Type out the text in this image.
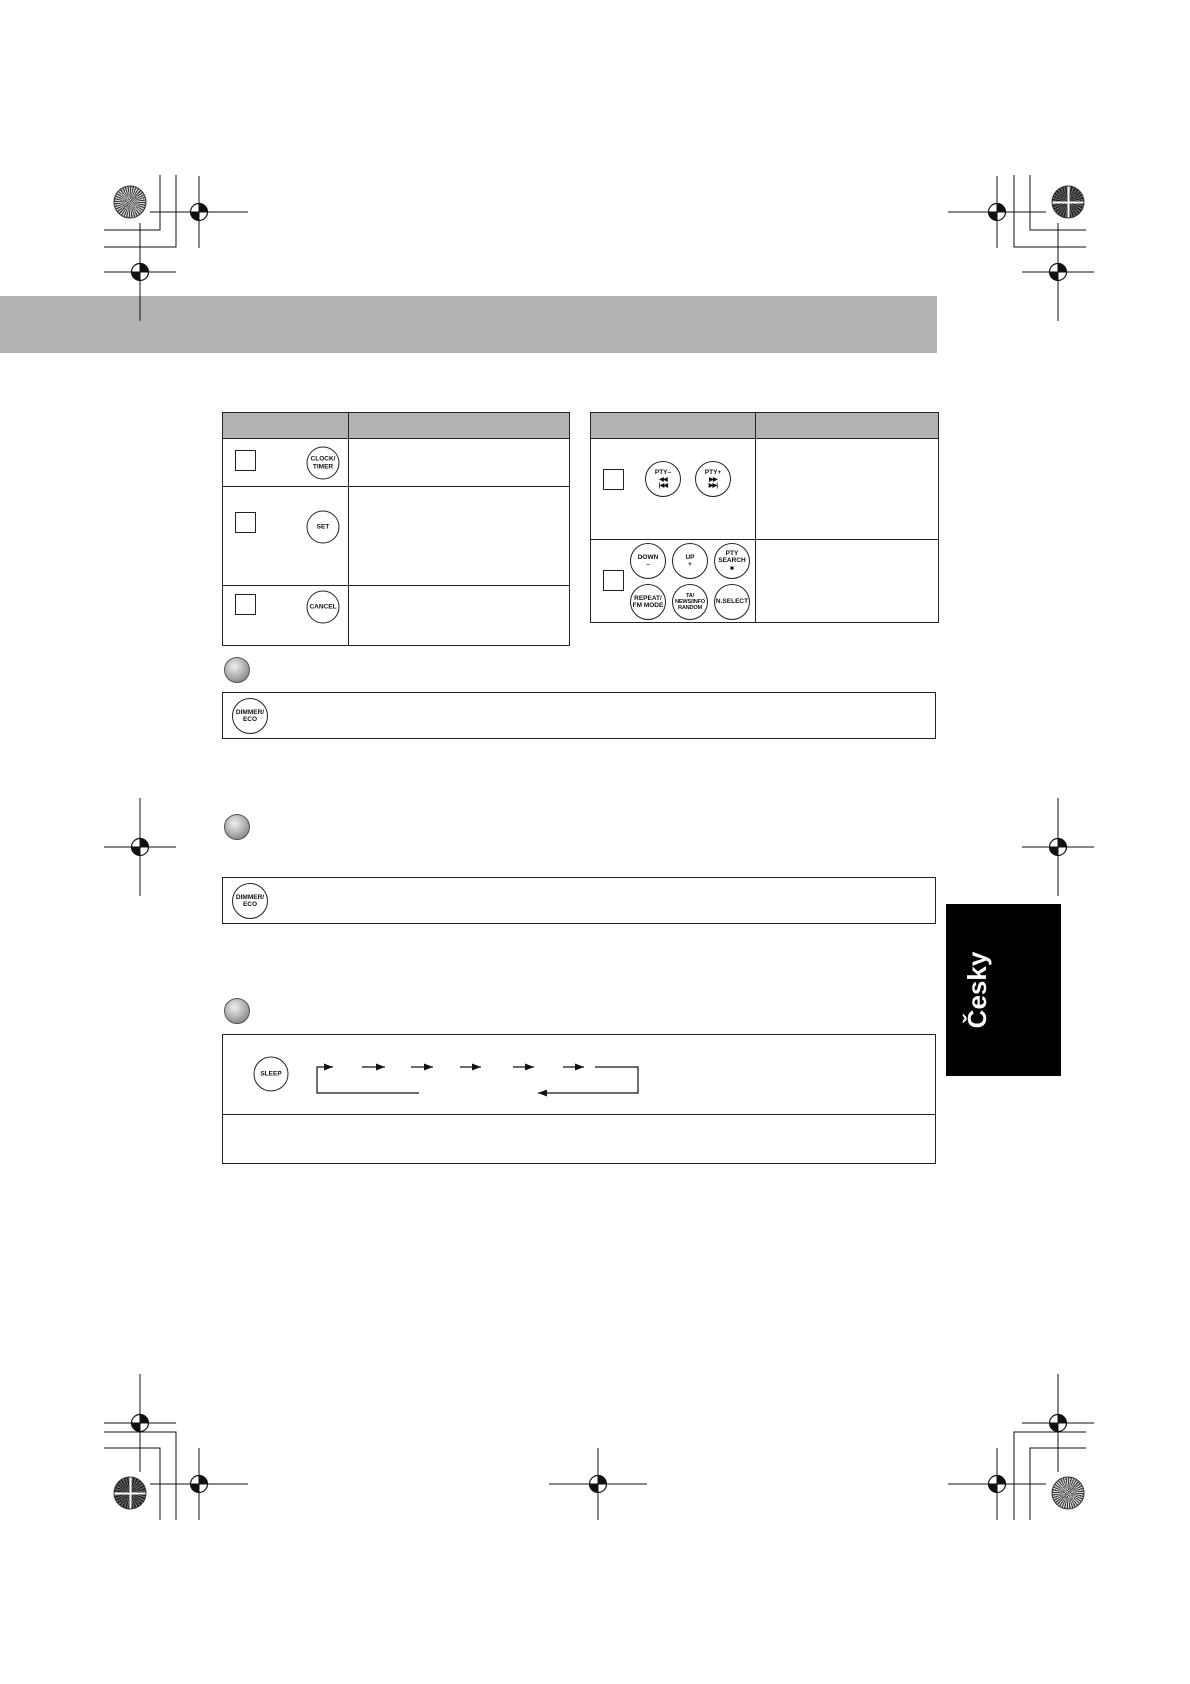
CLOCK/
TIMER
SET
CANCEL
PTY–
◀◀
|◀◀
PTY+
▶▶
▶▶|
DOWN
–
UP
+
PTY
SEARCH
■
REPEAT/
FM MODE
TA/
NEWS/INFO
RANDOM
N.SELECT
DIMMER/
ECO
DIMMER/
ECO
SLEEP
Česky
